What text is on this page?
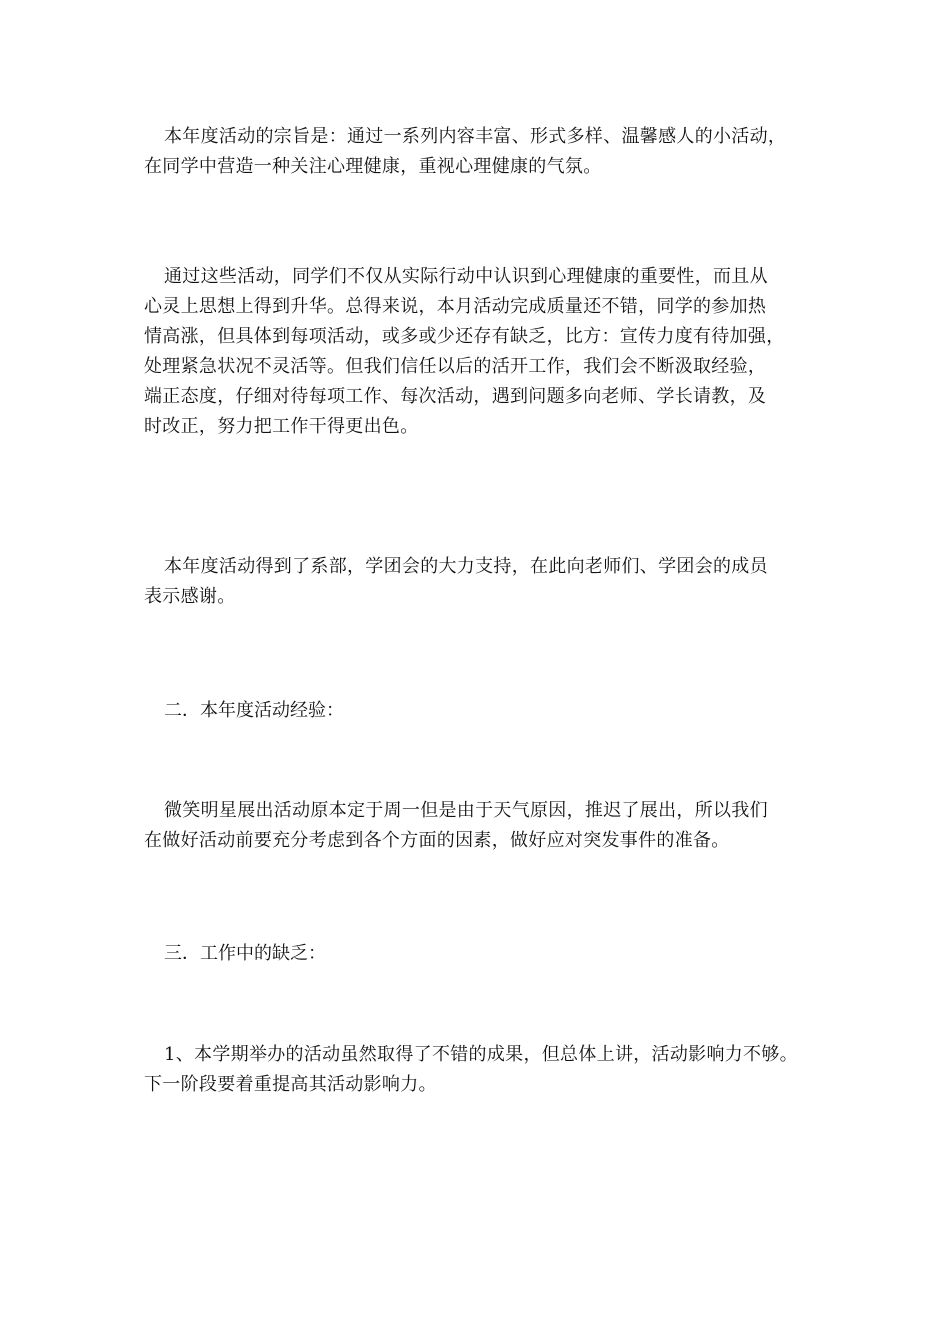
本年度活动的宗旨是：通过一系列内容丰富、形式多样、温馨感人的小活动，
在同学中营造一种关注心理健康，重视心理健康的气氛。
通过这些活动，同学们不仅从实际行动中认识到心理健康的重要性，而且从
心灵上思想上得到升华。总得来说，本月活动完成质量还不错，同学的参加热
情高涨，但具体到每项活动，或多或少还存有缺乏，比方：宣传力度有待加强，
处理紧急状况不灵活等。但我们信任以后的活开工作，我们会不断汲取经验，
端正态度，仔细对待每项工作、每次活动，遇到问题多向老师、学长请教，及
时改正，努力把工作干得更出色。
本年度活动得到了系部，学团会的大力支持，在此向老师们、学团会的成员
表示感谢。
二．本年度活动经验：
微笑明星展出活动原本定于周一但是由于天气原因，推迟了展出，所以我们
在做好活动前要充分考虑到各个方面的因素，做好应对突发事件的准备。
三．工作中的缺乏：
1、本学期举办的活动虽然取得了不错的成果，但总体上讲，活动影响力不够。
下一阶段要着重提高其活动影响力。
